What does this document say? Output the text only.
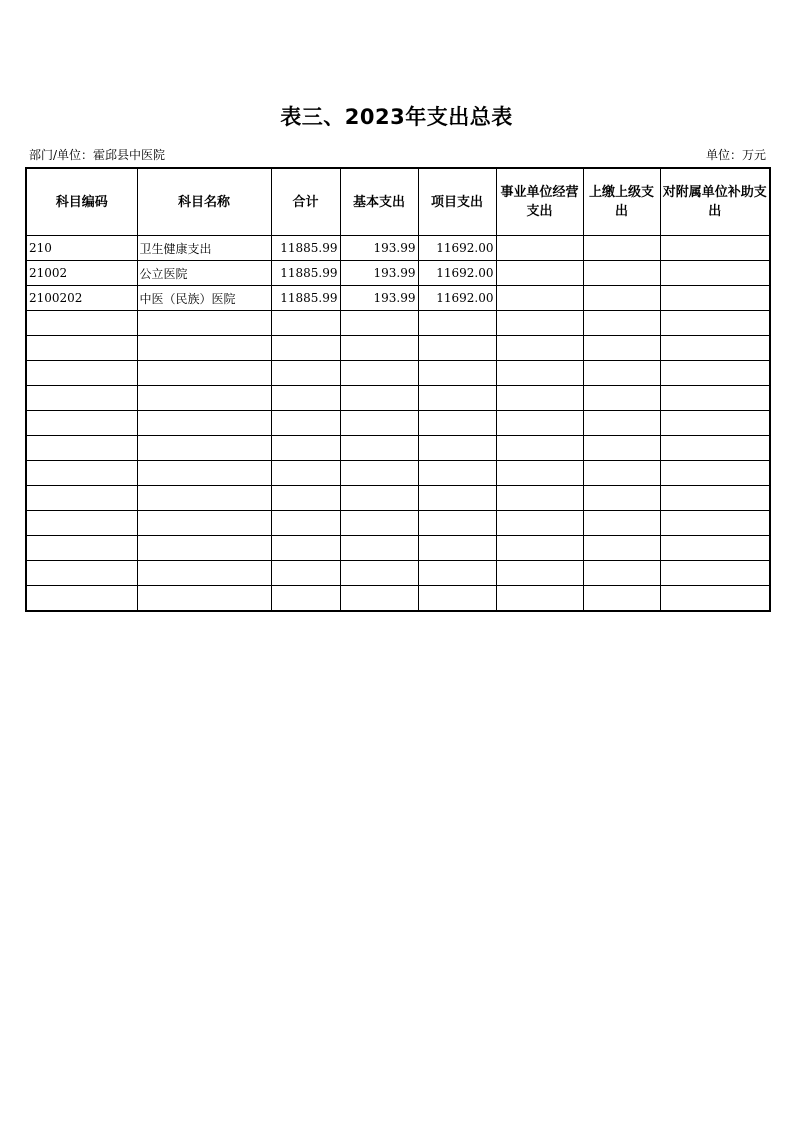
表三、2023年支出总表
部门/单位：霍邱县中医院	单位：万元
科目编码	科目名称	合计	基本支出	项目支出	事业单位经营支出	上缴上级支出	对附属单位补助支出
210	卫生健康支出	11885.99	193.99	11692.00			
21002	公立医院	11885.99	193.99	11692.00			
2100202	中医（民族）医院	11885.99	193.99	11692.00			
